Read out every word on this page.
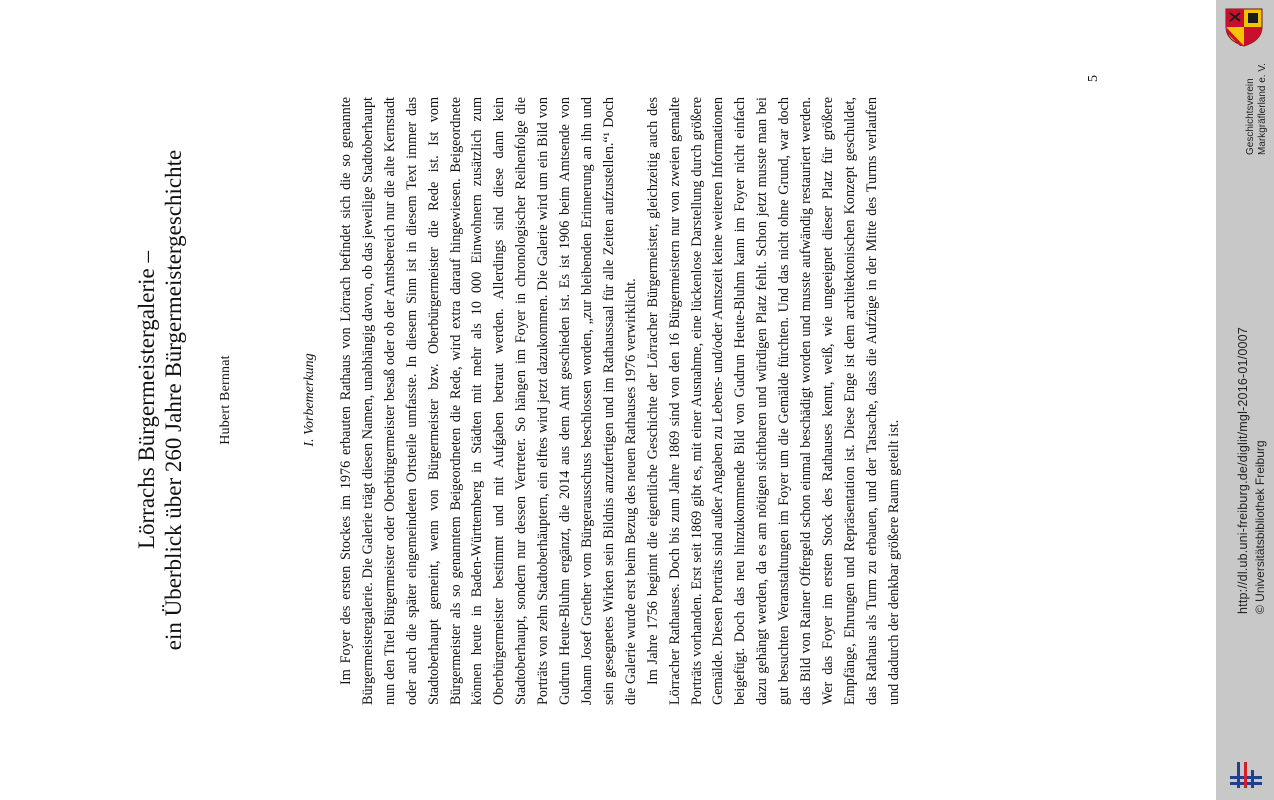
Lörrachs Bürgermeistergalerie – ein Überblick über 260 Jahre Bürgermeistergeschichte Hubert Bernnat	I. Vorbemerkung Im Foyer des ersten Stockes im 1976 erbauten Rathaus von Lörrach befindet sich die so genannte Bürgermeistergalerie. Die Galerie trägt diesen Namen, unabhängig davon, ob das jeweilige Stadtoberhaupt nun den Titel Bürgermeister oder Oberbürgermeister besaß oder ob der Amtsbereich nur die alte Kernstadt oder auch die später eingemeindeten Ortsteile umfasste. In diesem Sinn ist in diesem Text immer das Stadtoberhaupt gemeint, wenn von Bürgermeister bzw. Oberbürgermeister die Rede ist. Ist vom Bürgermeister als so genanntem Beigeordneten die Rede, wird extra darauf hingewiesen. Beigeordnete können heute in Baden-Württemberg in Städten mit mehr als 10 000 Einwohnern zusätzlich zum Oberbürgermeister bestimmt und mit Aufgaben betraut werden. Allerdings sind diese dann kein Stadtoberhaupt, sondern nur dessen Vertreter. So hängen im Foyer in chronologischer Reihenfolge die Porträts von zehn Stadtoberhäuptern, ein elftes wird jetzt dazukommen. Die Galerie wird um ein Bild von Gudrun Heute-Bluhm ergänzt, die 2014 aus dem Amt geschieden ist. Es ist 1906 beim Amtsende von Johann Josef Grether vom Bürgerausschuss beschlossen worden, „zur bleibenden Erinnerung an ihn und sein gesegnetes Wirken sein Bildnis anzufertigen und im Rathaussaal für alle Zeiten aufzustellen.“¹ Doch die Galerie wurde erst beim Bezug des neuen Rathauses 1976 verwirklicht. Im Jahre 1756 beginnt die eigentliche Geschichte der Lörracher Bürgermeister, gleichzeitig auch des Lörracher Rathauses. Doch bis zum Jahre 1869 sind von den 16 Bürgermeistern nur von zweien gemalte Porträts vorhanden. Erst seit 1869 gibt es, mit einer Ausnahme, eine lückenlose Darstellung durch größere Gemälde. Diesen Porträts sind außer Angaben zu Lebens- und/oder Amtszeit keine weiteren Informationen beigefügt. Doch das neu hinzukommende Bild von Gudrun Heute-Bluhm kann im Foyer nicht einfach dazu gehängt werden, da es am nötigen sichtbaren und würdigen Platz fehlt. Schon jetzt musste man bei gut besuchten Veranstaltungen im Foyer um die Gemälde fürchten. Und das nicht ohne Grund, war doch das Bild von Rainer Offergeld schon einmal beschädigt worden und musste aufwändig restauriert werden. Wer das Foyer im ersten Stock des Rathauses kennt, weiß, wie ungeeignet dieser Platz für größere Empfänge, Ehrungen und Repräsentation ist. Diese Enge ist dem architektonischen Konzept geschuldet, das Rathaus als Turm zu erbauen, und der Tatsache, dass die Aufzüge in der Mitte des Turms verlaufen und dadurch der denkbar größere Raum geteilt ist.

5
http://dl.ub.uni-freiburg.de/diglit/mgl-2016-01/0007 © Universitätsbibliothek Freiburg
Geschichtsverein Markgräflerland e. V.
